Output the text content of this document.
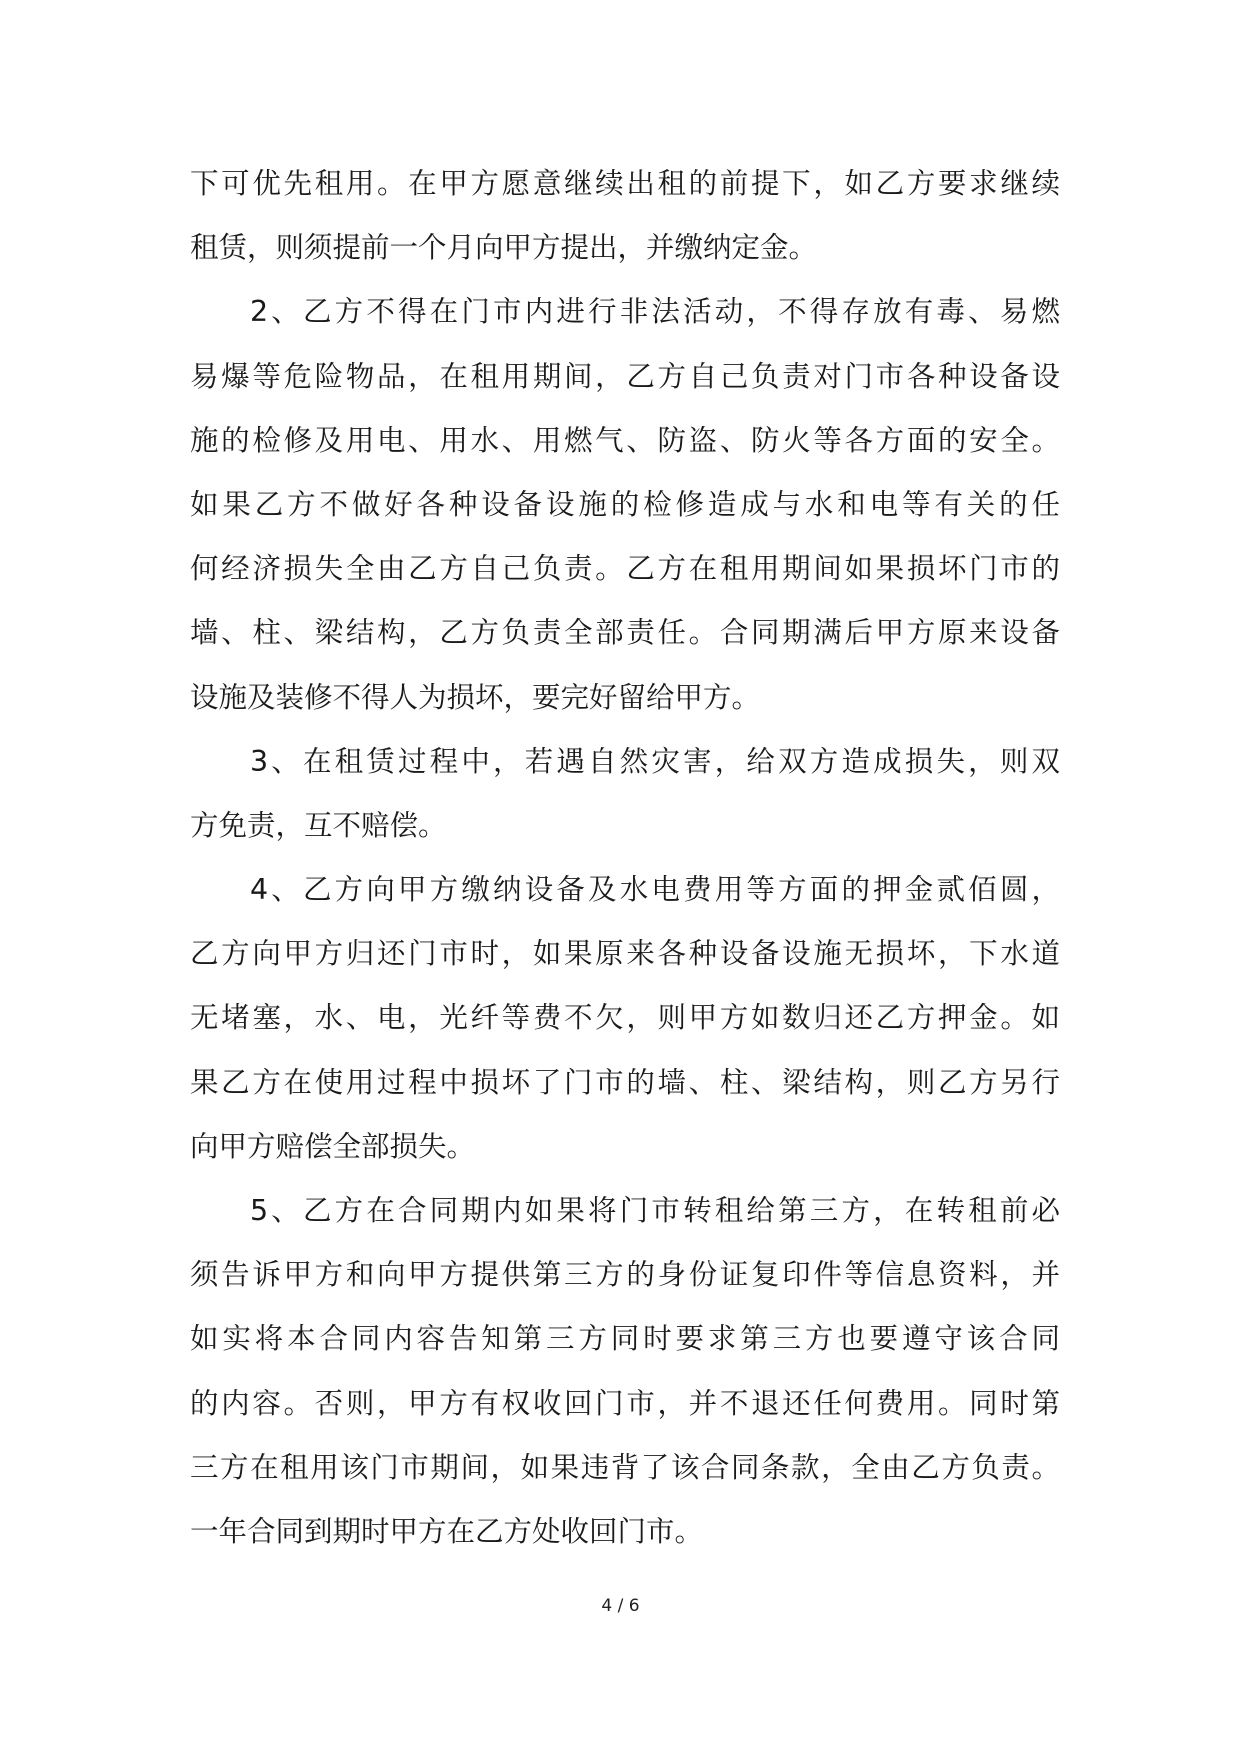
下可优先租用。在甲方愿意继续出租的前提下，如乙方要求继续
租赁，则须提前一个月向甲方提出，并缴纳定金。
2、乙方不得在门市内进行非法活动，不得存放有毒、易燃
易爆等危险物品，在租用期间，乙方自己负责对门市各种设备设
施的检修及用电、用水、用燃气、防盗、防火等各方面的安全。
如果乙方不做好各种设备设施的检修造成与水和电等有关的任
何经济损失全由乙方自己负责。乙方在租用期间如果损坏门市的
墙、柱、梁结构，乙方负责全部责任。合同期满后甲方原来设备
设施及装修不得人为损坏，要完好留给甲方。
3、在租赁过程中，若遇自然灾害，给双方造成损失，则双
方免责，互不赔偿。
4、乙方向甲方缴纳设备及水电费用等方面的押金贰佰圆，
乙方向甲方归还门市时，如果原来各种设备设施无损坏，下水道
无堵塞，水、电，光纤等费不欠，则甲方如数归还乙方押金。如
果乙方在使用过程中损坏了门市的墙、柱、梁结构，则乙方另行
向甲方赔偿全部损失。
5、乙方在合同期内如果将门市转租给第三方，在转租前必
须告诉甲方和向甲方提供第三方的身份证复印件等信息资料，并
如实将本合同内容告知第三方同时要求第三方也要遵守该合同
的内容。否则，甲方有权收回门市，并不退还任何费用。同时第
三方在租用该门市期间，如果违背了该合同条款，全由乙方负责。
一年合同到期时甲方在乙方处收回门市。
4 / 6
